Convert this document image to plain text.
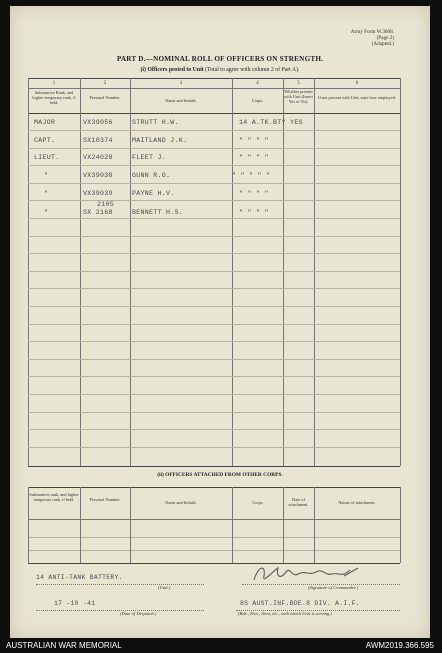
Army Form W.3008.
(Page 2)
(Adapted.)
PART D.—NOMINAL ROLL OF OFFICERS ON STRENGTH.
(i) Officers posted to Unit (Total to agree with column 2 of Part A).
1	2	3	4	5	6
Substantive Rank, and higher temporary rank, if held.
Personal Number.
Name and Initials.	Corps.
Whether present with Unit (Insert Yes or No).
If not present with Unit, state how employed.
MAJOR	VX39056	STRUTT H.W.	14 A.TK.BTY YES
CAPT.	SX10374	MAITLAND J.K.	" " " "
LIEUT.	VX24028	FLEET J.	" " " "
"	VX39038	GUNN R.G.	" " " " "
"	VX39039	PAYNE H.V.	" " " "
2105
"	SX 2168	BENNETT H.S.	" " " "
(ii) OFFICERS ATTACHED FROM OTHER CORPS.
Substantive rank, and higher temporary rank, if held.	Personal Number.
Name and Initials.	Corps
Date of attachment.	Nature of attachment.
14 ANTI-TANK BATTERY.
(Unit.)	(Signature of Commander.)
17 -10 -41
(Date of Despatch.)
8S AUST.INF.BDE.8 DIV. A.I.F.
(Bde., Dvn., Area, etc., with which Unit is serving.)
AUSTRALIAN WAR MEMORIAL	AWM2019.366.595
